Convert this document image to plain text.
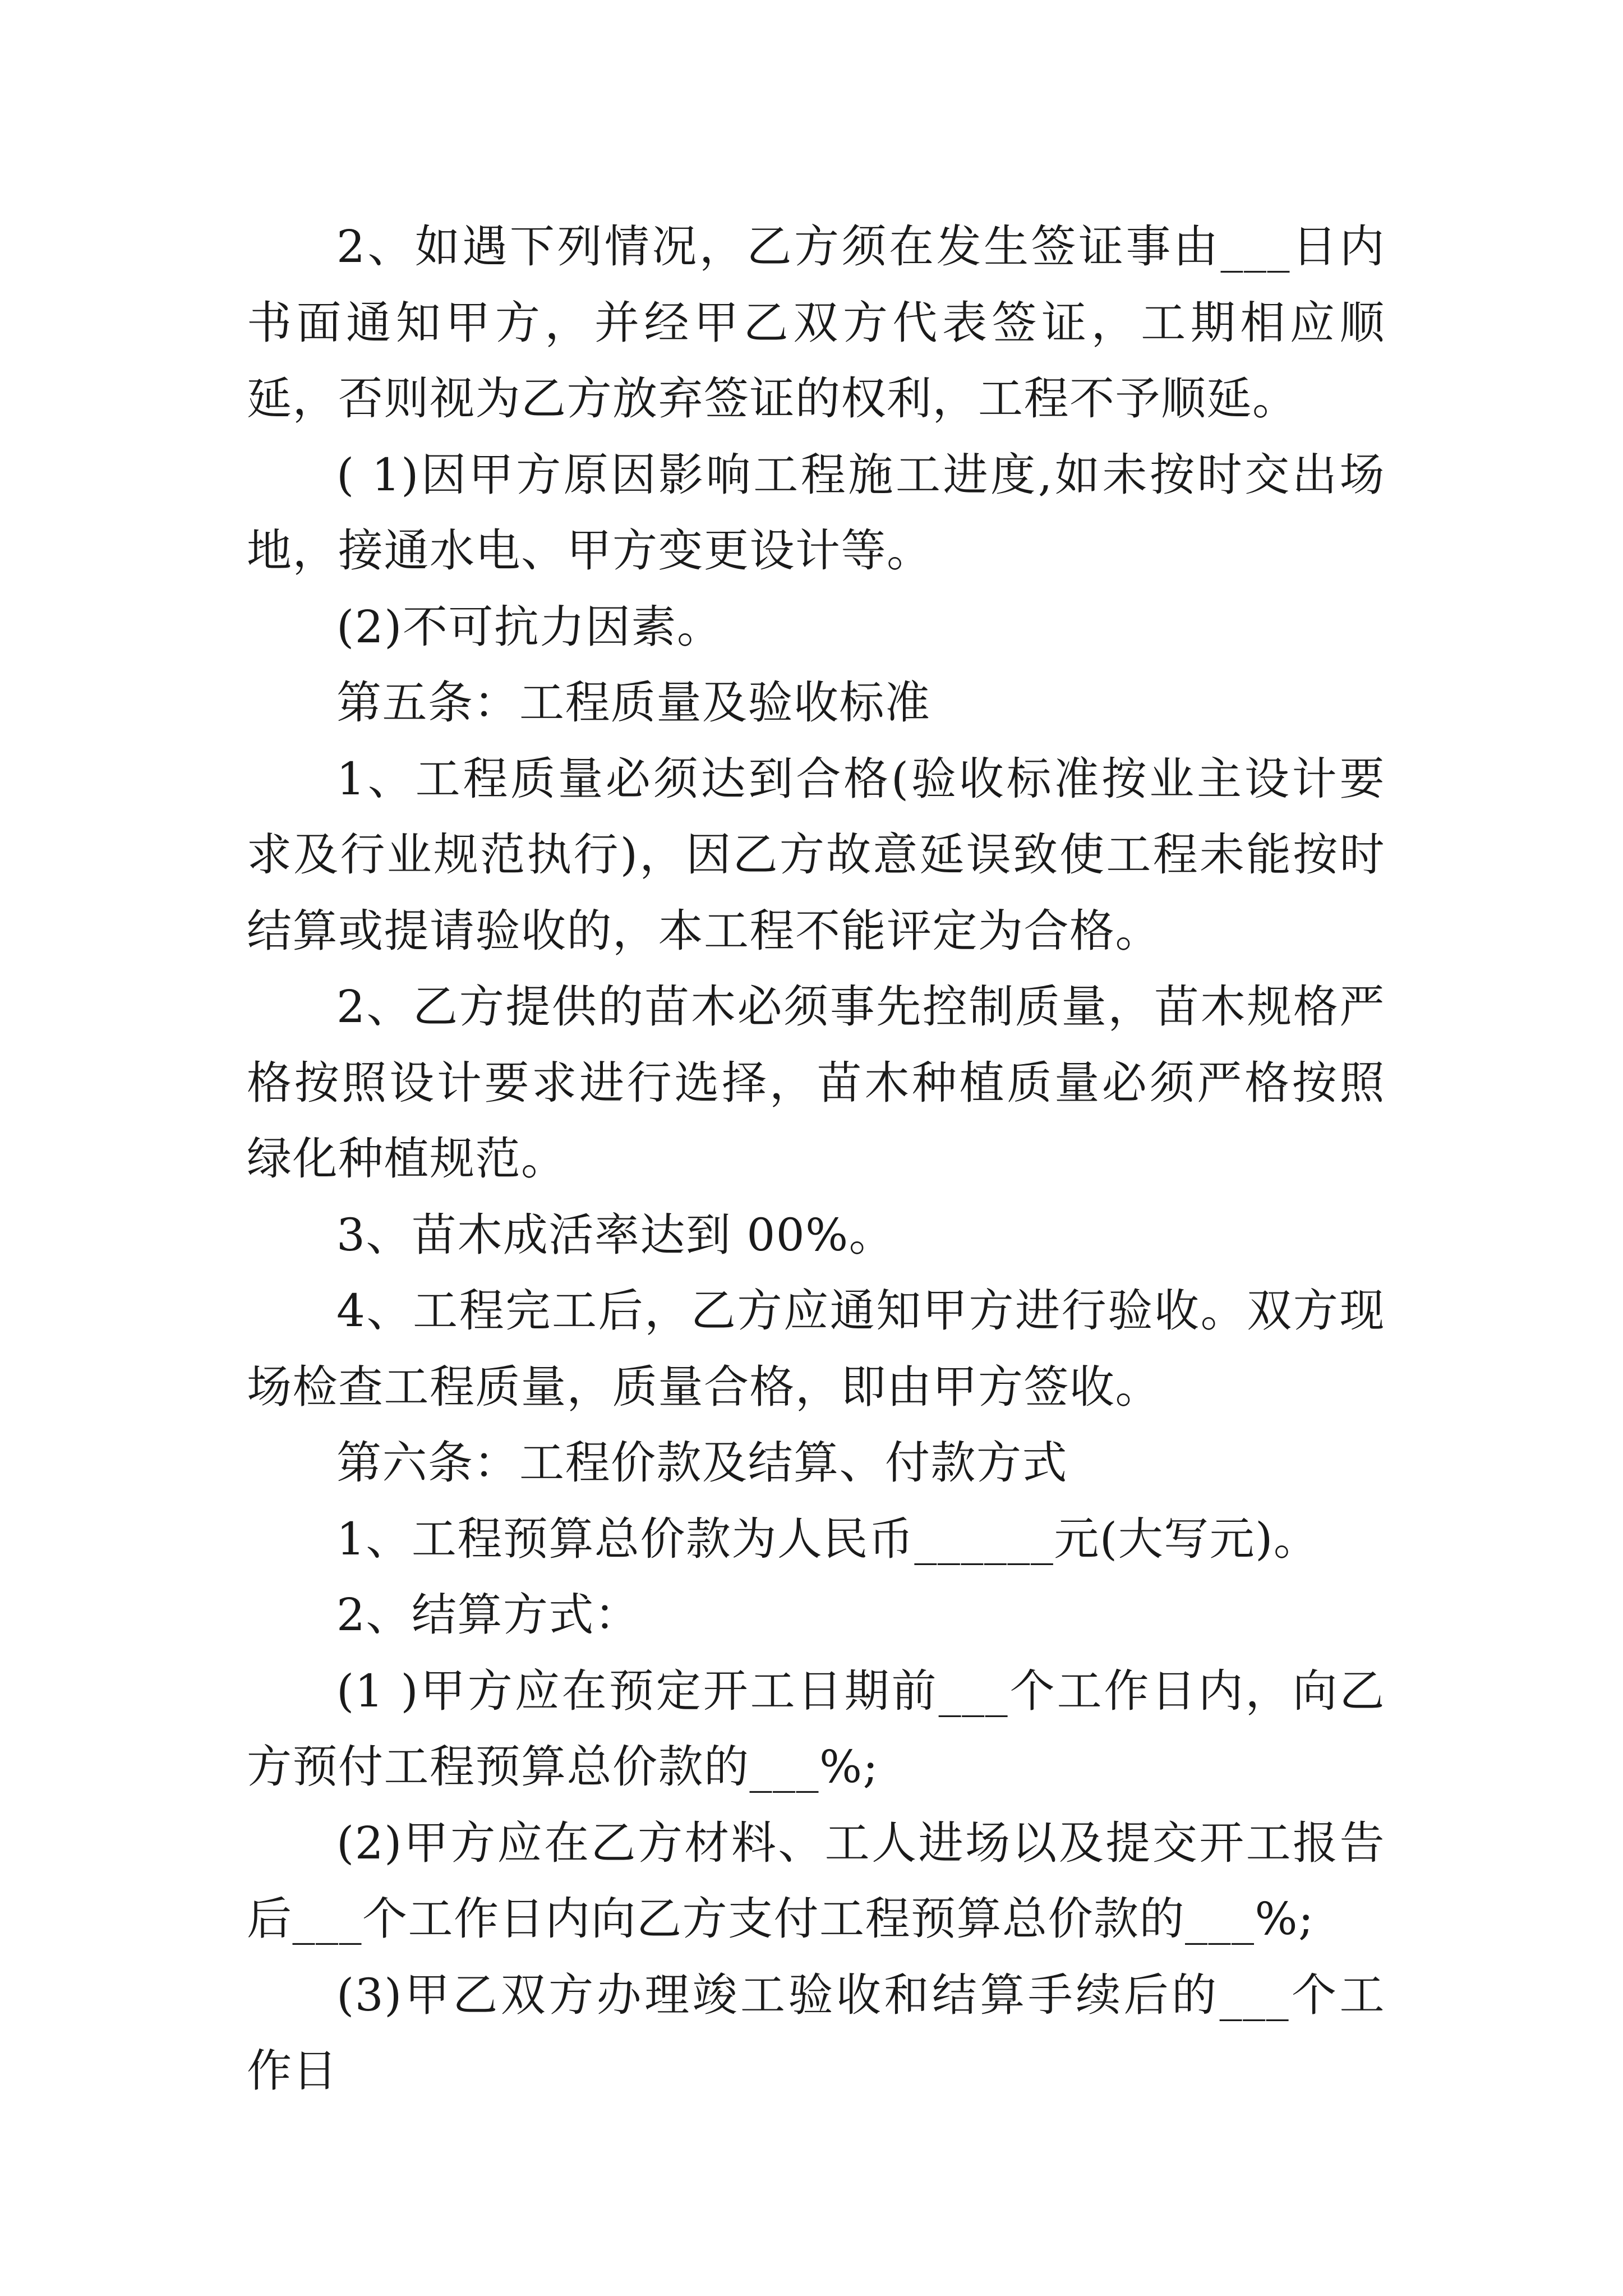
2、如遇下列情况，乙方须在发生签证事由___日内书面通知甲方，并经甲乙双方代表签证，工期相应顺延，否则视为乙方放弃签证的权利，工程不予顺延。

( 1)因甲方原因影响工程施工进度,如未按时交出场地，接通水电、甲方变更设计等。

(2)不可抗力因素。

第五条：工程质量及验收标准

1、工程质量必须达到合格(验收标准按业主设计要求及行业规范执行)，因乙方故意延误致使工程未能按时结算或提请验收的，本工程不能评定为合格。

2、乙方提供的苗木必须事先控制质量，苗木规格严格按照设计要求进行选择，苗木种植质量必须严格按照绿化种植规范。

3、苗木成活率达到 00%。

4、工程完工后，乙方应通知甲方进行验收。双方现场检查工程质量，质量合格，即由甲方签收。

第六条：工程价款及结算、付款方式

1、工程预算总价款为人民币______元(大写元)。

2、结算方式：

(1 )甲方应在预定开工日期前___个工作日内，向乙方预付工程预算总价款的___%;

(2)甲方应在乙方材料、工人进场以及提交开工报告后___个工作日内向乙方支付工程预算总价款的___%;

(3)甲乙双方办理竣工验收和结算手续后的___个工作日
